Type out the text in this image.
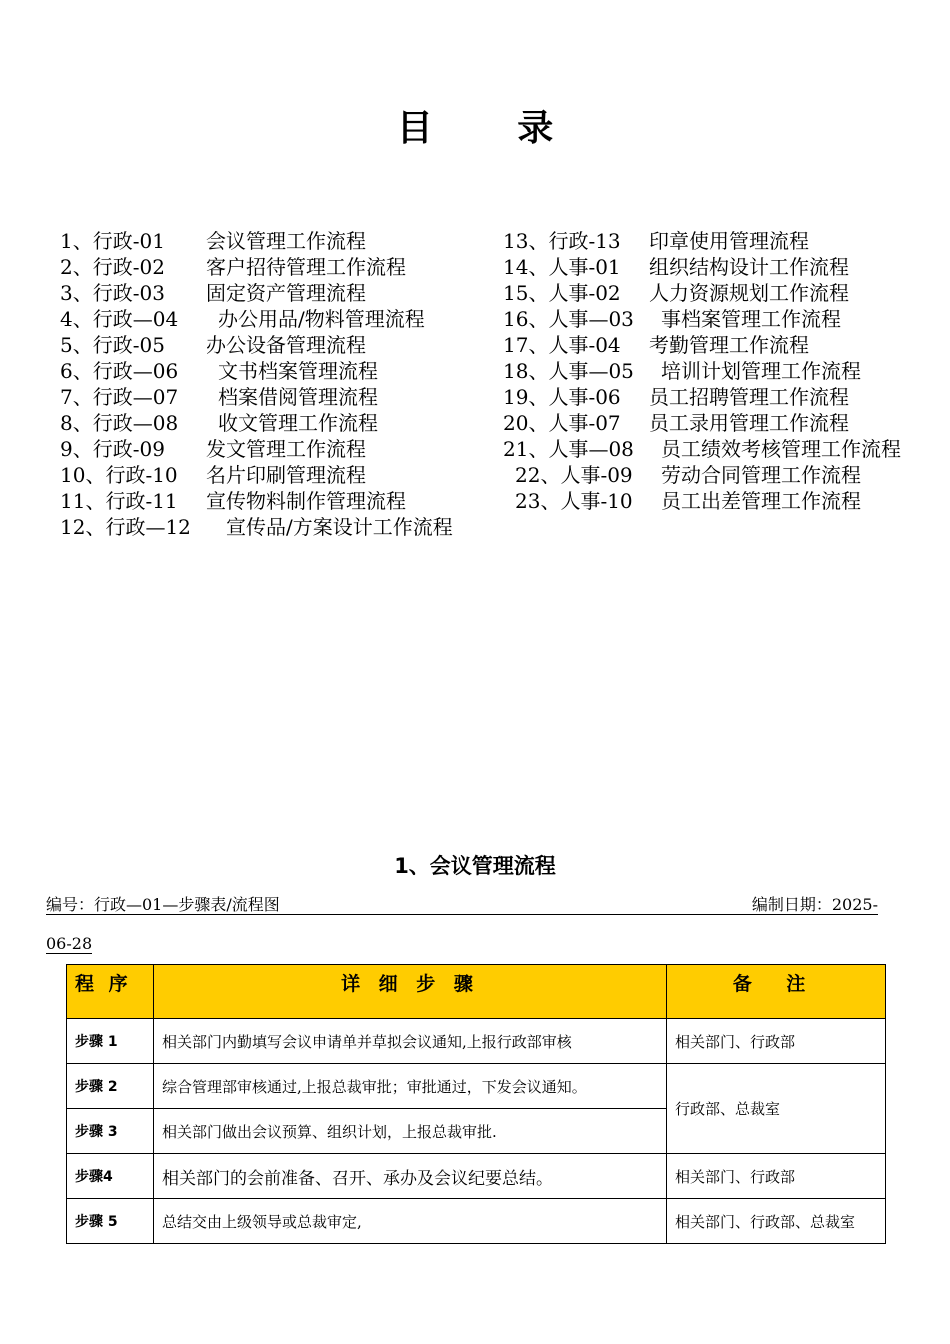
目 录
1、行政-01	会议管理工作流程
2、行政-02	客户招待管理工作流程
3、行政-03	固定资产管理流程
4、行政—04	办公用品/物料管理流程
5、行政-05	办公设备管理流程
6、行政—06	文书档案管理流程
7、行政—07	档案借阅管理流程
8、行政—08	收文管理工作流程
9、行政-09	发文管理工作流程
10、行政-10	名片印刷管理流程
11、行政-11	宣传物料制作管理流程
12、行政—12	宣传品/方案设计工作流程
13、行政-13	印章使用管理流程
14、人事-01	组织结构设计工作流程
15、人事-02	人力资源规划工作流程
16、人事—03	事档案管理工作流程
17、人事-04	考勤管理工作流程
18、人事—05	培训计划管理工作流程
19、人事-06	员工招聘管理工作流程
20、人事-07	员工录用管理工作流程
21、人事—08	员工绩效考核管理工作流程
22、人事-09	劳动合同管理工作流程
23、人事-10	员工出差管理工作流程
1、会议管理流程
编号：行政—01—步骤表/流程图	编制日期：2025-
06-28
程 序	详 细 步 骤	备 注
步骤 1	相关部门内勤填写会议申请单并草拟会议通知,上报行政部审核	相关部门、行政部
步骤 2	综合管理部审核通过,上报总裁审批；审批通过，下发会议通知。	行政部、总裁室
步骤 3	相关部门做出会议预算、组织计划，上报总裁审批.	
步骤4	相关部门的会前准备、召开、承办及会议纪要总结。	相关部门、行政部
步骤 5	总结交由上级领导或总裁审定,	相关部门、行政部、总裁室
